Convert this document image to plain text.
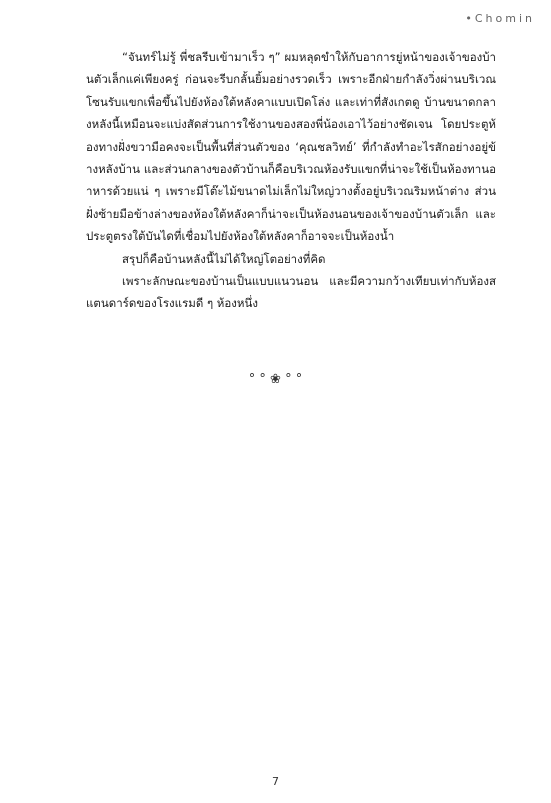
•Chomin

“จันทร์ไม่รู้ พี่ชลรีบเข้ามาเร็ว ๆ” ผมหลุดขำให้กับอาการยู่หน้าของเจ้าของบ้านตัวเล็กแค่เพียงครู่ ก่อนจะรีบกลั้นยิ้มอย่างรวดเร็ว เพราะอีกฝ่ายกำลังวิ่งผ่านบริเวณโซนรับแขกเพื่อขึ้นไปยังห้องใต้หลังคาแบบเปิดโล่ง และเท่าที่สังเกตดู บ้านขนาดกลางหลังนี้เหมือนจะแบ่งสัดส่วนการใช้งานของสองพี่น้องเอาไว้อย่างชัดเจน โดยประตูห้องทางฝั่งขวามือคงจะเป็นพื้นที่ส่วนตัวของ ‘คุณชลวิทย์’ ที่กำลังทำอะไรสักอย่างอยู่ข้างหลังบ้าน และส่วนกลางของตัวบ้านก็คือบริเวณห้องรับแขกที่น่าจะใช้เป็นห้องทานอาหารด้วยแน่ ๆ เพราะมีโต๊ะไม้ขนาดไม่เล็กไม่ใหญ่วางตั้งอยู่บริเวณริมหน้าต่าง ส่วนฝั่งซ้ายมือข้างล่างของห้องใต้หลังคาก็น่าจะเป็นห้องนอนของเจ้าของบ้านตัวเล็ก และประตูตรงใต้บันไดที่เชื่อมไปยังห้องใต้หลังคาก็อาจจะเป็นห้องน้ำ

สรุปก็คือบ้านหลังนี้ไม่ได้ใหญ่โตอย่างที่คิด

เพราะลักษณะของบ้านเป็นแบบแนวนอน และมีความกว้างเทียบเท่ากับห้องสแตนดาร์ดของโรงแรมดี ๆ ห้องหนึ่ง

° ° ❀ ° °
7
